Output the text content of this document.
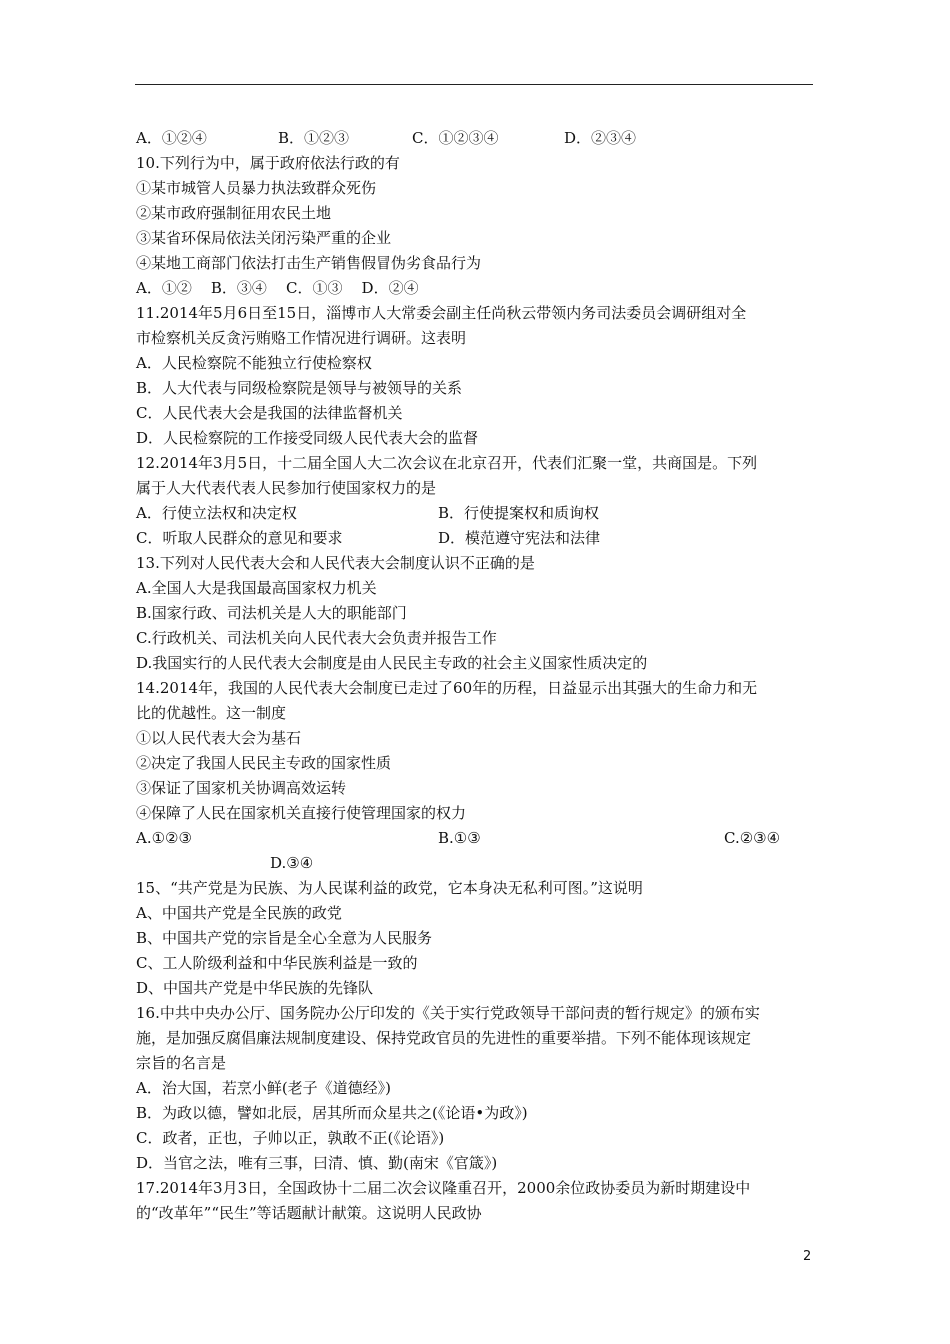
A．①②④	B．①②③	C．①②③④	D．②③④
10.下列行为中，属于政府依法行政的有
①某市城管人员暴力执法致群众死伤
②某市政府强制征用农民土地
③某省环保局依法关闭污染严重的企业
④某地工商部门依法打击生产销售假冒伪劣食品行为
A．①②    B．③④    C．①③    D．②④
11.2014年5月6日至15日，淄博市人大常委会副主任尚秋云带领内务司法委员会调研组对全
市检察机关反贪污贿赂工作情况进行调研。这表明
A．人民检察院不能独立行使检察权
B．人大代表与同级检察院是领导与被领导的关系
C．人民代表大会是我国的法律监督机关
D．人民检察院的工作接受同级人民代表大会的监督
12.2014年3月5日，十二届全国人大二次会议在北京召开，代表们汇聚一堂，共商国是。下列
属于人大代表代表人民参加行使国家权力的是
A．行使立法权和决定权	B．行使提案权和质询权
C．听取人民群众的意见和要求	D．模范遵守宪法和法律
13.下列对人民代表大会和人民代表大会制度认识不正确的是
A.全国人大是我国最高国家权力机关
B.国家行政、司法机关是人大的职能部门
C.行政机关、司法机关向人民代表大会负责并报告工作
D.我国实行的人民代表大会制度是由人民民主专政的社会主义国家性质决定的
14.2014年，我国的人民代表大会制度已走过了60年的历程，日益显示出其强大的生命力和无
比的优越性。这一制度
①以人民代表大会为基石
②决定了我国人民民主专政的国家性质
③保证了国家机关协调高效运转
④保障了人民在国家机关直接行使管理国家的权力

A.①②③

	B.①③

	C.②③④

D.③④

15、“共产党是为民族、为人民谋利益的政党，它本身决无私利可图。”这说明
A、中国共产党是全民族的政党
B、中国共产党的宗旨是全心全意为人民服务
C、工人阶级利益和中华民族利益是一致的
D、中国共产党是中华民族的先锋队
16.中共中央办公厅、国务院办公厅印发的《关于实行党政领导干部问责的暂行规定》的颁布实
施，是加强反腐倡廉法规制度建设、保持党政官员的先进性的重要举措。下列不能体现该规定
宗旨的名言是
A．治大国，若烹小鲜(老子《道德经》)
B．为政以德，譬如北辰，居其所而众星共之(《论语•为政》)
C．政者，正也，子帅以正，孰敢不正(《论语》)
D．当官之法，唯有三事，曰清、慎、勤(南宋《官箴》)
17.2014年3月3日，全国政协十二届二次会议隆重召开，2000余位政协委员为新时期建设中
的“改革年”“民生”等话题献计献策。这说明人民政协
2
